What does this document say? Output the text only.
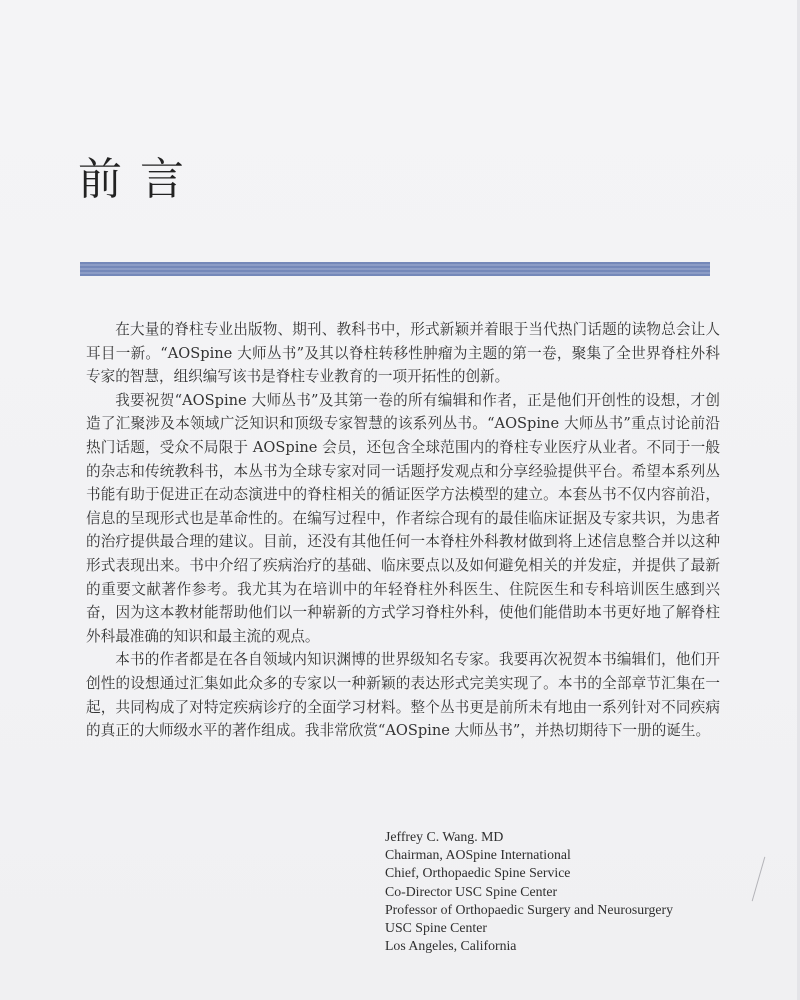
前言

在大量的脊柱专业出版物、期刊、教科书中，形式新颖并着眼于当代热门话题的读物总会让人耳目一新。“AOSpine 大师丛书”及其以脊柱转移性肿瘤为主题的第一卷，聚集了全世界脊柱外科专家的智慧，组织编写该书是脊柱专业教育的一项开拓性的创新。

我要祝贺“AOSpine 大师丛书”及其第一卷的所有编辑和作者，正是他们开创性的设想，才创造了汇聚涉及本领域广泛知识和顶级专家智慧的该系列丛书。“AOSpine 大师丛书”重点讨论前沿热门话题，受众不局限于 AOSpine 会员，还包含全球范围内的脊柱专业医疗从业者。不同于一般的杂志和传统教科书，本丛书为全球专家对同一话题抒发观点和分享经验提供平台。希望本系列丛书能有助于促进正在动态演进中的脊柱相关的循证医学方法模型的建立。本套丛书不仅内容前沿，信息的呈现形式也是革命性的。在编写过程中，作者综合现有的最佳临床证据及专家共识，为患者的治疗提供最合理的建议。目前，还没有其他任何一本脊柱外科教材做到将上述信息整合并以这种形式表现出来。书中介绍了疾病治疗的基础、临床要点以及如何避免相关的并发症，并提供了最新的重要文献著作参考。我尤其为在培训中的年轻脊柱外科医生、住院医生和专科培训医生感到兴奋，因为这本教材能帮助他们以一种崭新的方式学习脊柱外科，使他们能借助本书更好地了解脊柱外科最准确的知识和最主流的观点。

本书的作者都是在各自领域内知识渊博的世界级知名专家。我要再次祝贺本书编辑们，他们开创性的设想通过汇集如此众多的专家以一种新颖的表达形式完美实现了。本书的全部章节汇集在一起，共同构成了对特定疾病诊疗的全面学习材料。整个丛书更是前所未有地由一系列针对不同疾病的真正的大师级水平的著作组成。我非常欣赏“AOSpine 大师丛书”，并热切期待下一册的诞生。

Jeffrey C. Wang. MD
Chairman, AOSpine International
Chief, Orthopaedic Spine Service
Co-Director USC Spine Center
Professor of Orthopaedic Surgery and Neurosurgery
USC Spine Center
Los Angeles, California
